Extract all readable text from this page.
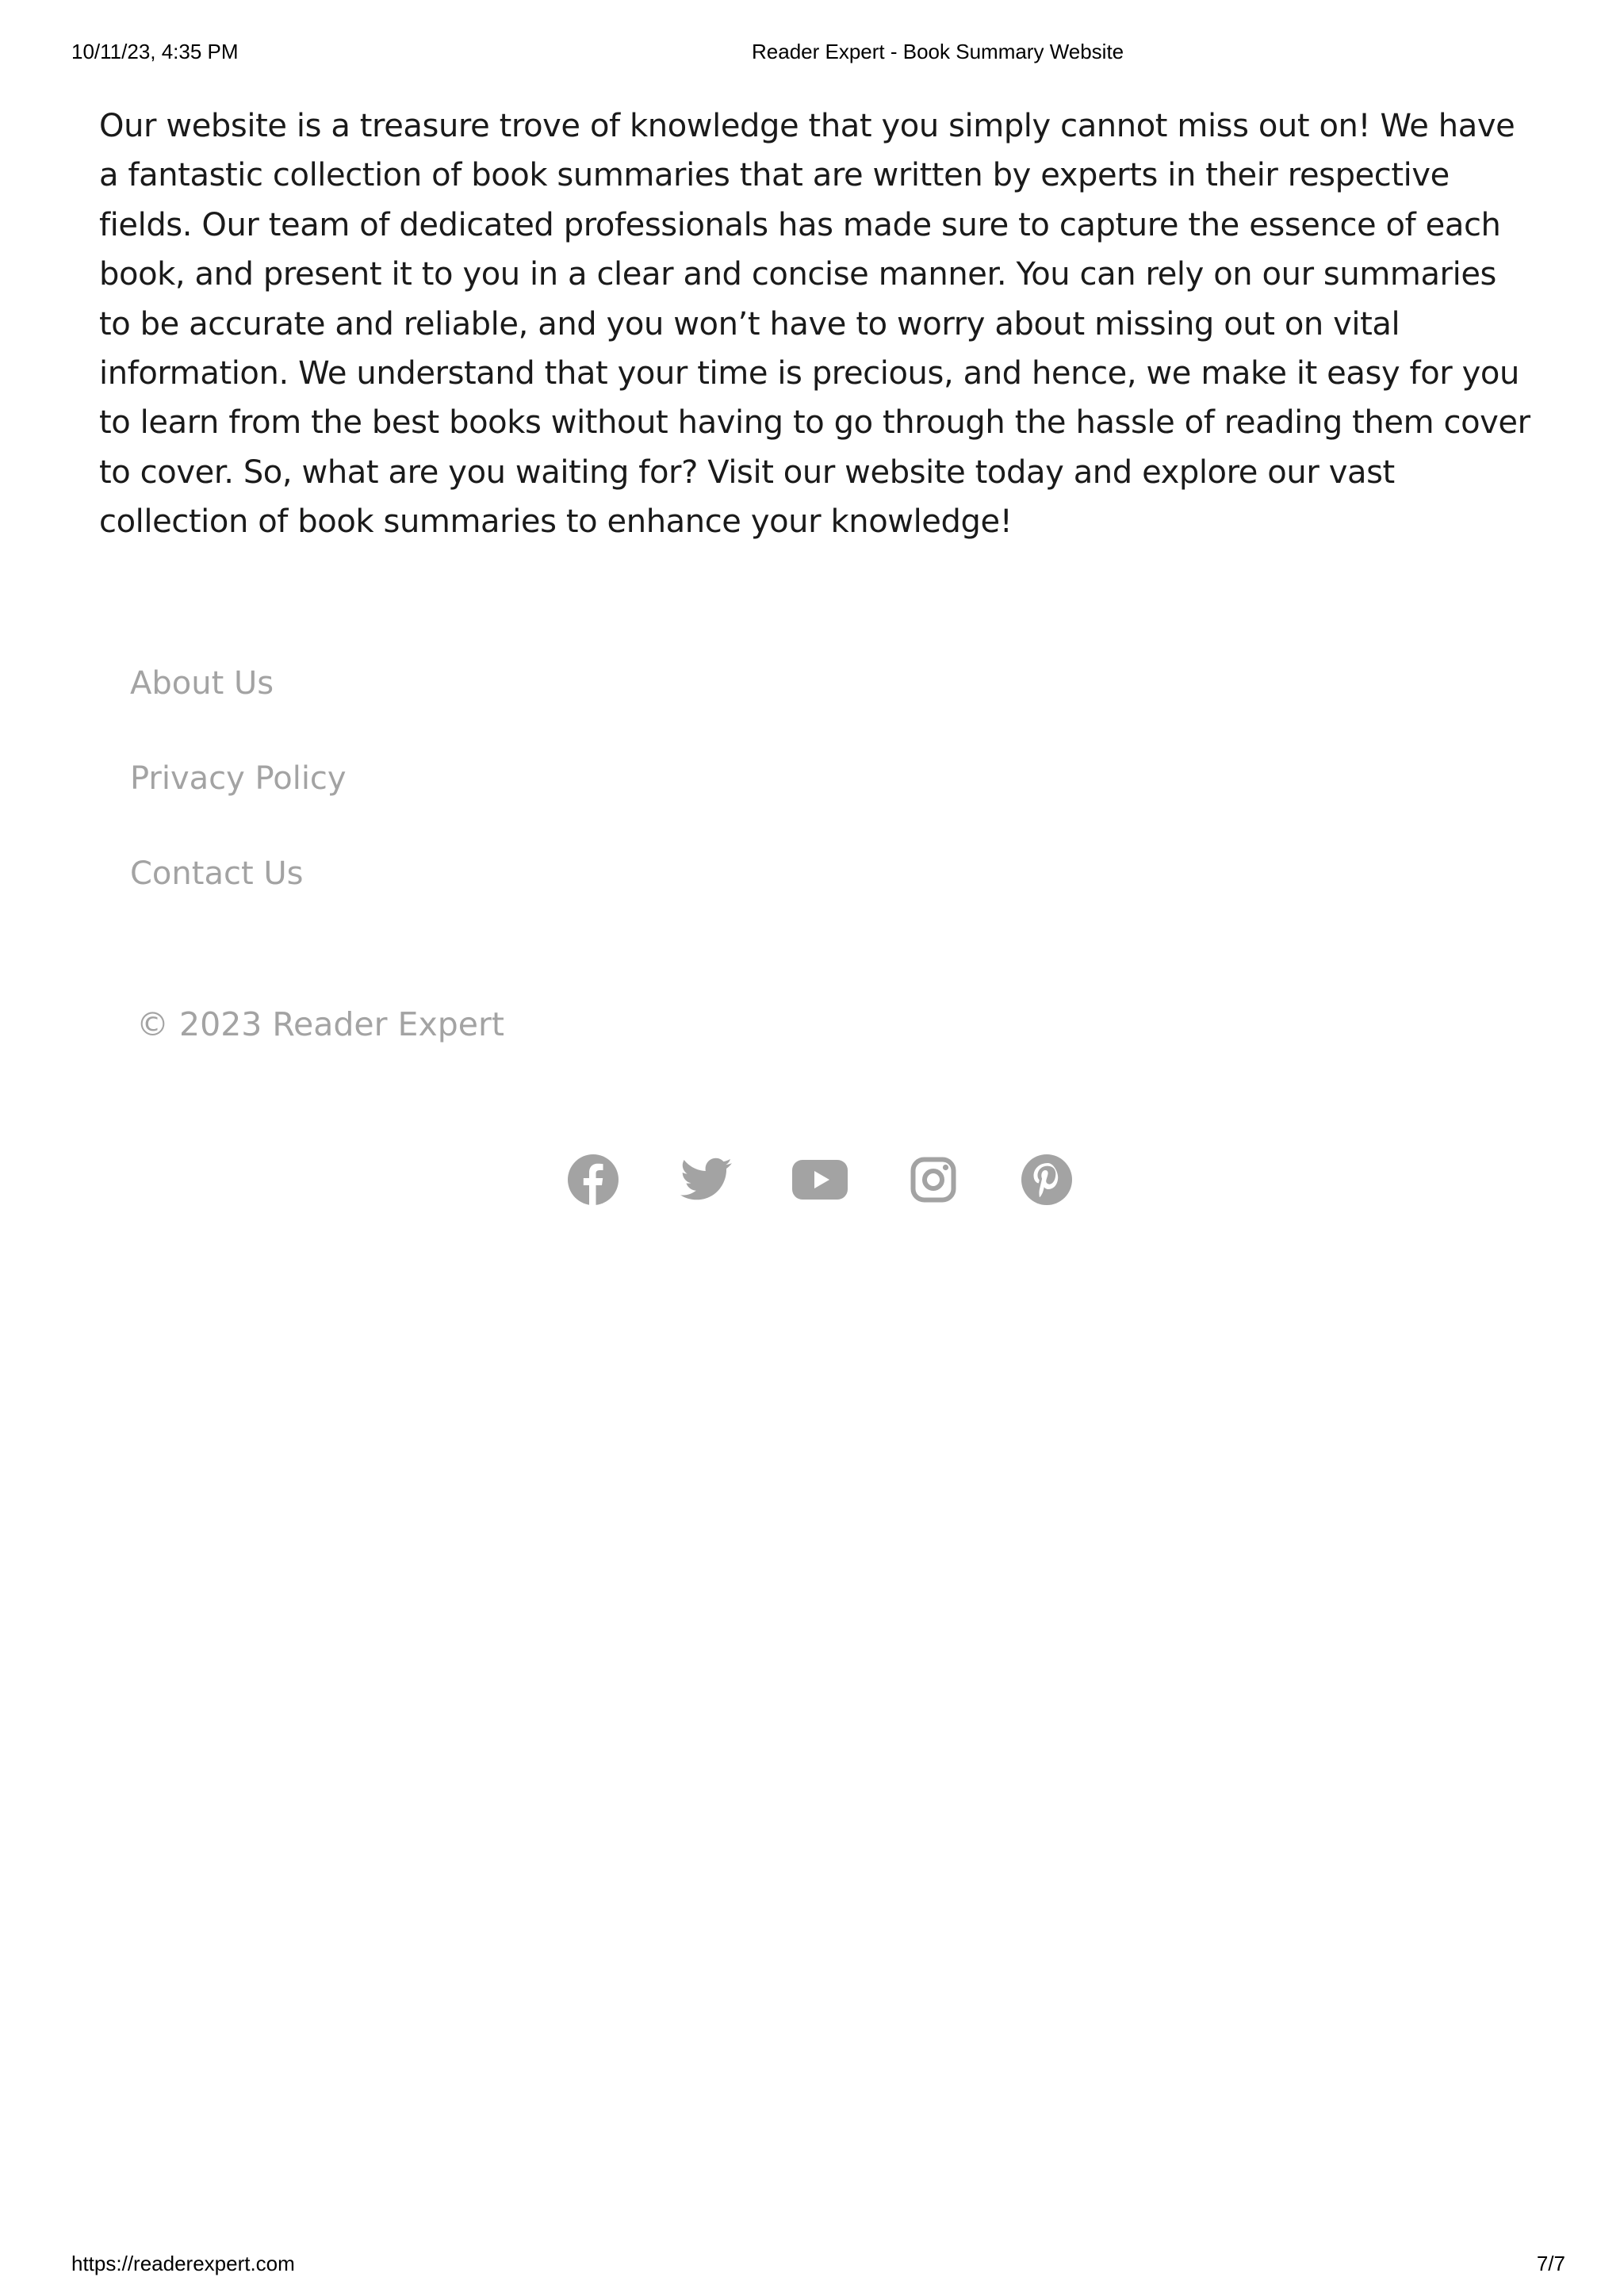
10/11/23, 4:35 PM	Reader Expert - Book Summary Website

Our website is a treasure trove of knowledge that you simply cannot miss out on! We have a fantastic collection of book summaries that are written by experts in their respective fields. Our team of dedicated professionals has made sure to capture the essence of each book, and present it to you in a clear and concise manner. You can rely on our summaries to be accurate and reliable, and you won’t have to worry about missing out on vital information. We understand that your time is precious, and hence, we make it easy for you to learn from the best books without having to go through the hassle of reading them cover to cover. So, what are you waiting for? Visit our website today and explore our vast collection of book summaries to enhance your knowledge!

About Us
Privacy Policy
Contact Us
© 2023 Reader Expert
https://readerexpert.com	7/7
